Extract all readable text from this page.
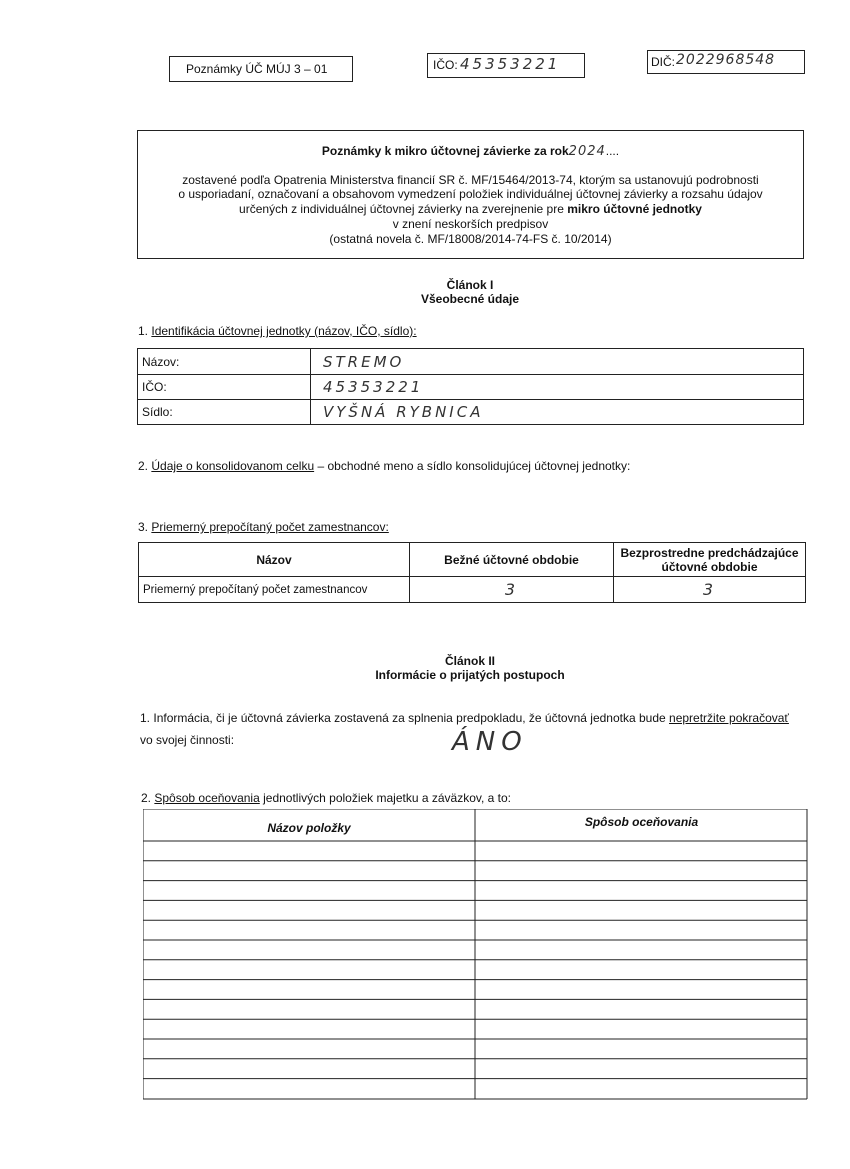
Poznámky ÚČ MÚJ 3 – 01	IČO: 45353221	DIČ: 2022968548
Poznámky k mikro účtovnej závierke za rok2024....
zostavené podľa Opatrenia Ministerstva financií SR č. MF/15464/2013-74, ktorým sa ustanovujú podrobnosti
o usporiadaní, označovaní a obsahovom vymedzení položiek individuálnej účtovnej závierky a rozsahu údajov
určených z individuálnej účtovnej závierky na zverejnenie pre mikro účtovné jednotky
v znení neskorších predpisov
(ostatná novela č. MF/18008/2014-74-FS č. 10/2014)
Článok I
Všeobecné údaje
1. Identifikácia účtovnej jednotky (názov, IČO, sídlo):
Názov:	STREMO
IČO:	45353221
Sídlo:	VYŠNÁ RYBNICA
2. Údaje o konsolidovanom celku – obchodné meno a sídlo konsolidujúcej účtovnej jednotky:
3. Priemerný prepočítaný počet zamestnancov:
Názov	Bežné účtovné obdobie	Bezprostredne predchádzajúce účtovné obdobie
Priemerný prepočítaný počet zamestnancov	3	3
Článok II
Informácie o prijatých postupoch
1. Informácia, či je účtovná závierka zostavená za splnenia predpokladu, že účtovná jednotka bude nepretržite pokračovať
vo svojej činnosti:	ÁNO
2. Spôsob oceňovania jednotlivých položiek majetku a záväzkov, a to:
Názov položky	Spôsob oceňovania
